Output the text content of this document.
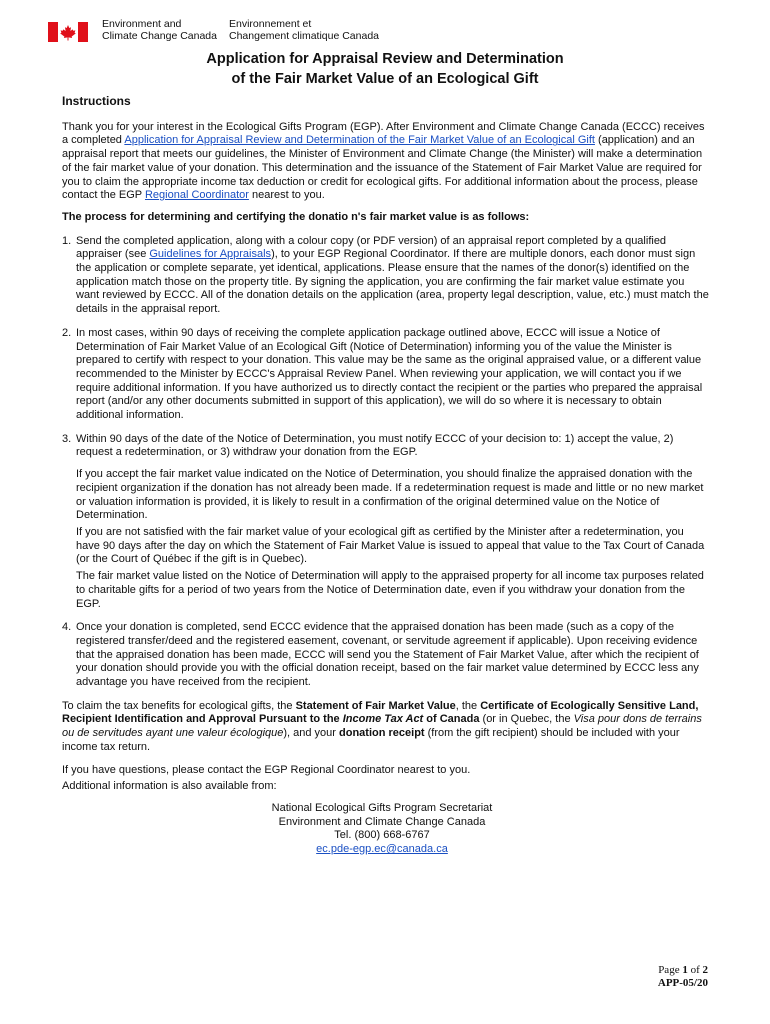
Environment and
Climate Change Canada
Environnement et
Changement climatique Canada
Application for Appraisal Review and Determination
of the Fair Market Value of an Ecological Gift
Instructions

Thank you for your interest in the Ecological Gifts Program (EGP). After Environment and Climate Change Canada (ECCC) receives a completed Application for Appraisal Review and Determination of the Fair Market Value of an Ecological Gift (application) and an appraisal report that meets our guidelines, the Minister of Environment and Climate Change (the Minister) will make a determination of the fair market value of your donation. This determination and the issuance of the Statement of Fair Market Value are required for you to claim the appropriate income tax deduction or credit for ecological gifts. For additional information about the process, please contact the EGP Regional Coordinator nearest to you.

The process for determining and certifying the donatio n's fair market value is as follows:

1. Send the completed application, along with a colour copy (or PDF version) of an appraisal report completed by a qualified appraiser (see Guidelines for Appraisals), to your EGP Regional Coordinator. If there are multiple donors, each donor must sign the application or complete separate, yet identical, applications. Please ensure that the names of the donor(s) identified on the application match those on the property title. By signing the application, you are confirming the fair market value estimate you want reviewed by ECCC. All of the donation details on the application (area, property legal description, value, etc.) must match the details in the appraisal report.
2. In most cases, within 90 days of receiving the complete application package outlined above, ECCC will issue a Notice of Determination of Fair Market Value of an Ecological Gift (Notice of Determination) informing you of the value the Minister is prepared to certify with respect to your donation. This value may be the same as the original appraised value, or a different value recommended to the Minister by ECCC's Appraisal Review Panel. When reviewing your application, we will contact you if we require additional information. If you have authorized us to directly contact the recipient or the parties who prepared the appraisal report (and/or any other documents submitted in support of this application), we will do so where it is necessary to obtain additional information.
3. Within 90 days of the date of the Notice of Determination, you must notify ECCC of your decision to: 1) accept the value, 2) request a redetermination, or 3) withdraw your donation from the EGP.

If you accept the fair market value indicated on the Notice of Determination, you should finalize the appraised donation with the recipient organization if the donation has not already been made. If a redetermination request is made and little or no new market or valuation information is provided, it is likely to result in a confirmation of the original determined value on the Notice of Determination.

If you are not satisfied with the fair market value of your ecological gift as certified by the Minister after a redetermination, you have 90 days after the day on which the Statement of Fair Market Value is issued to appeal that value to the Tax Court of Canada (or the Court of Québec if the gift is in Quebec).

The fair market value listed on the Notice of Determination will apply to the appraised property for all income tax purposes related to charitable gifts for a period of two years from the Notice of Determination date, even if you withdraw your donation from the EGP.

4. Once your donation is completed, send ECCC evidence that the appraised donation has been made (such as a copy of the registered transfer/deed and the registered easement, covenant, or servitude agreement if applicable). Upon receiving evidence that the appraised donation has been made, ECCC will send you the Statement of Fair Market Value, after which the recipient of your donation should provide you with the official donation receipt, based on the fair market value determined by ECCC less any advantage you have received from the recipient.

To claim the tax benefits for ecological gifts, the Statement of Fair Market Value, the Certificate of Ecologically Sensitive Land, Recipient Identification and Approval Pursuant to the Income Tax Act of Canada (or in Quebec, the Visa pour dons de terrains ou de servitudes ayant une valeur écologique), and your donation receipt (from the gift recipient) should be included with your income tax return.

If you have questions, please contact the EGP Regional Coordinator nearest to you.

Additional information is also available from:

National Ecological Gifts Program Secretariat
Environment and Climate Change Canada
Tel. (800) 668-6767
ec.pde-egp.ec@canada.ca
Page 1 of 2
APP-05/20
